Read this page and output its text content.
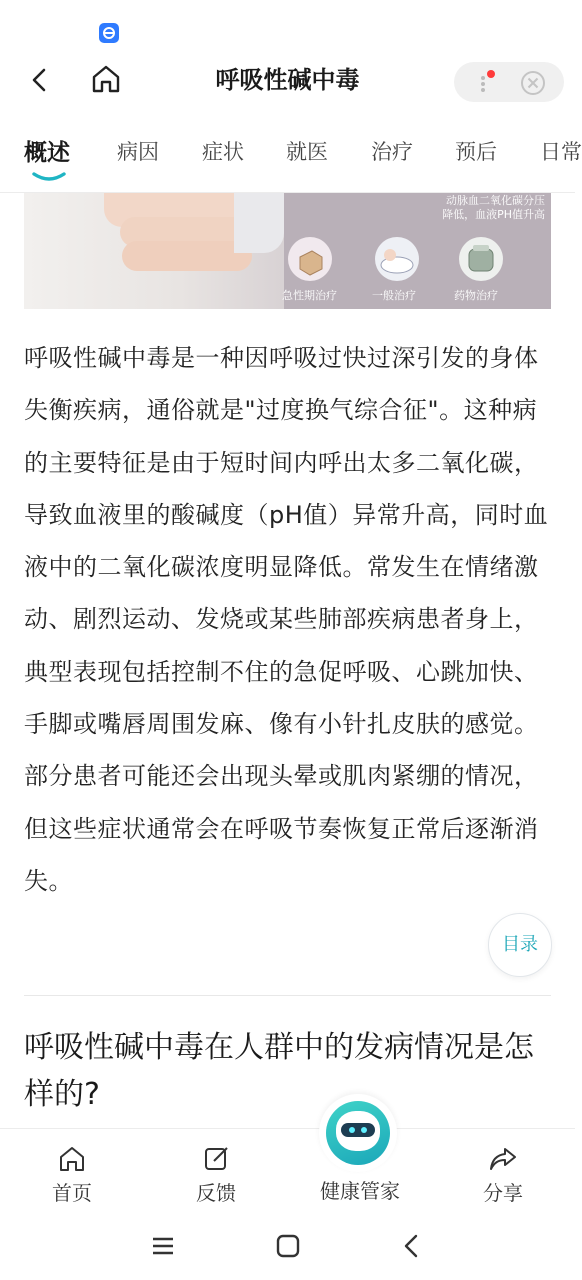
呼吸性碱中毒
概述 病因 症状 就医 治疗 预后 日常
动脉血二氧化碳分压
降低，血液PH值升高
急性期治疗	一般治疗	药物治疗
呼吸性碱中毒是一种因呼吸过快过深引发的身体失衡疾病，通俗就是"过度换气综合征"。这种病的主要特征是由于短时间内呼出太多二氧化碳，导致血液里的酸碱度（pH值）异常升高，同时血液中的二氧化碳浓度明显降低。常发生在情绪激动、剧烈运动、发烧或某些肺部疾病患者身上，典型表现包括控制不住的急促呼吸、心跳加快、手脚或嘴唇周围发麻、像有小针扎皮肤的感觉。部分患者可能还会出现头晕或肌肉紧绷的情况，但这些症状通常会在呼吸节奏恢复正常后逐渐消失。
目录
呼吸性碱中毒在人群中的发病情况是怎样的?
首页	反馈	健康管家	分享
